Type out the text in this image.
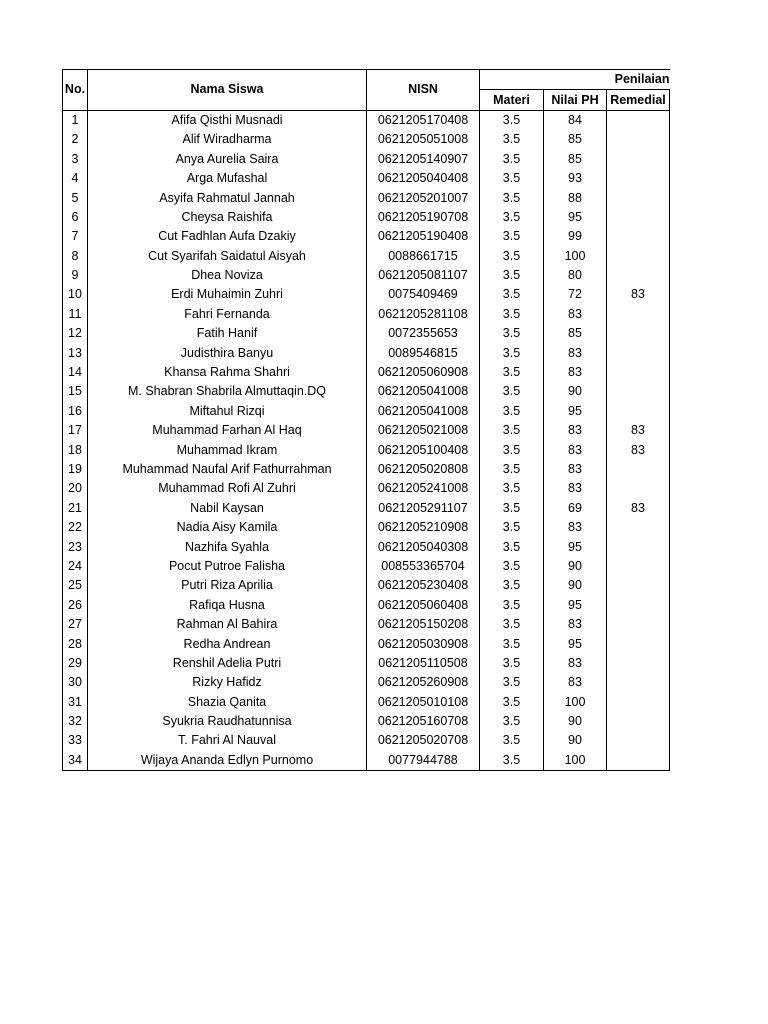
No.	Nama Siswa	NISN	Penilaian		
			Materi	Nilai PH	Remedial
1	Afifa Qisthi Musnadi	0621205170408	3.5	84	
2	Alif Wiradharma	0621205051008	3.5	85	
3	Anya Aurelia Saira	0621205140907	3.5	85	
4	Arga Mufashal	0621205040408	3.5	93	
5	Asyifa Rahmatul Jannah	0621205201007	3.5	88	
6	Cheysa Raishifa	0621205190708	3.5	95	
7	Cut Fadhlan Aufa Dzakiy	0621205190408	3.5	99	
8	Cut Syarifah Saidatul Aisyah	0088661715	3.5	100	
9	Dhea Noviza	0621205081107	3.5	80	
10	Erdi Muhaimin Zuhri	0075409469	3.5	72	83
11	Fahri Fernanda	0621205281108	3.5	83	
12	Fatih Hanif	0072355653	3.5	85	
13	Judisthira Banyu	0089546815	3.5	83	
14	Khansa Rahma Shahri	0621205060908	3.5	83	
15	M. Shabran Shabrila Almuttaqin.DQ	0621205041008	3.5	90	
16	Miftahul Rizqi	0621205041008	3.5	95	
17	Muhammad Farhan Al Haq	0621205021008	3.5	83	83
18	Muhammad Ikram	0621205100408	3.5	83	83
19	Muhammad Naufal Arif Fathurrahman	0621205020808	3.5	83	
20	Muhammad Rofi Al Zuhri	0621205241008	3.5	83	
21	Nabil Kaysan	0621205291107	3.5	69	83
22	Nadia Aisy Kamila	0621205210908	3.5	83	
23	Nazhifa Syahla	0621205040308	3.5	95	
24	Pocut Putroe Falisha	008553365704	3.5	90	
25	Putri Riza Aprilia	0621205230408	3.5	90	
26	Rafiqa Husna	0621205060408	3.5	95	
27	Rahman Al Bahira	0621205150208	3.5	83	
28	Redha Andrean	0621205030908	3.5	95	
29	Renshil Adelia Putri	0621205110508	3.5	83	
30	Rizky Hafidz	0621205260908	3.5	83	
31	Shazia Qanita	0621205010108	3.5	100	
32	Syukria Raudhatunnisa	0621205160708	3.5	90	
33	T. Fahri Al Nauval	0621205020708	3.5	90	
34	Wijaya Ananda Edlyn Purnomo	0077944788	3.5	100	
